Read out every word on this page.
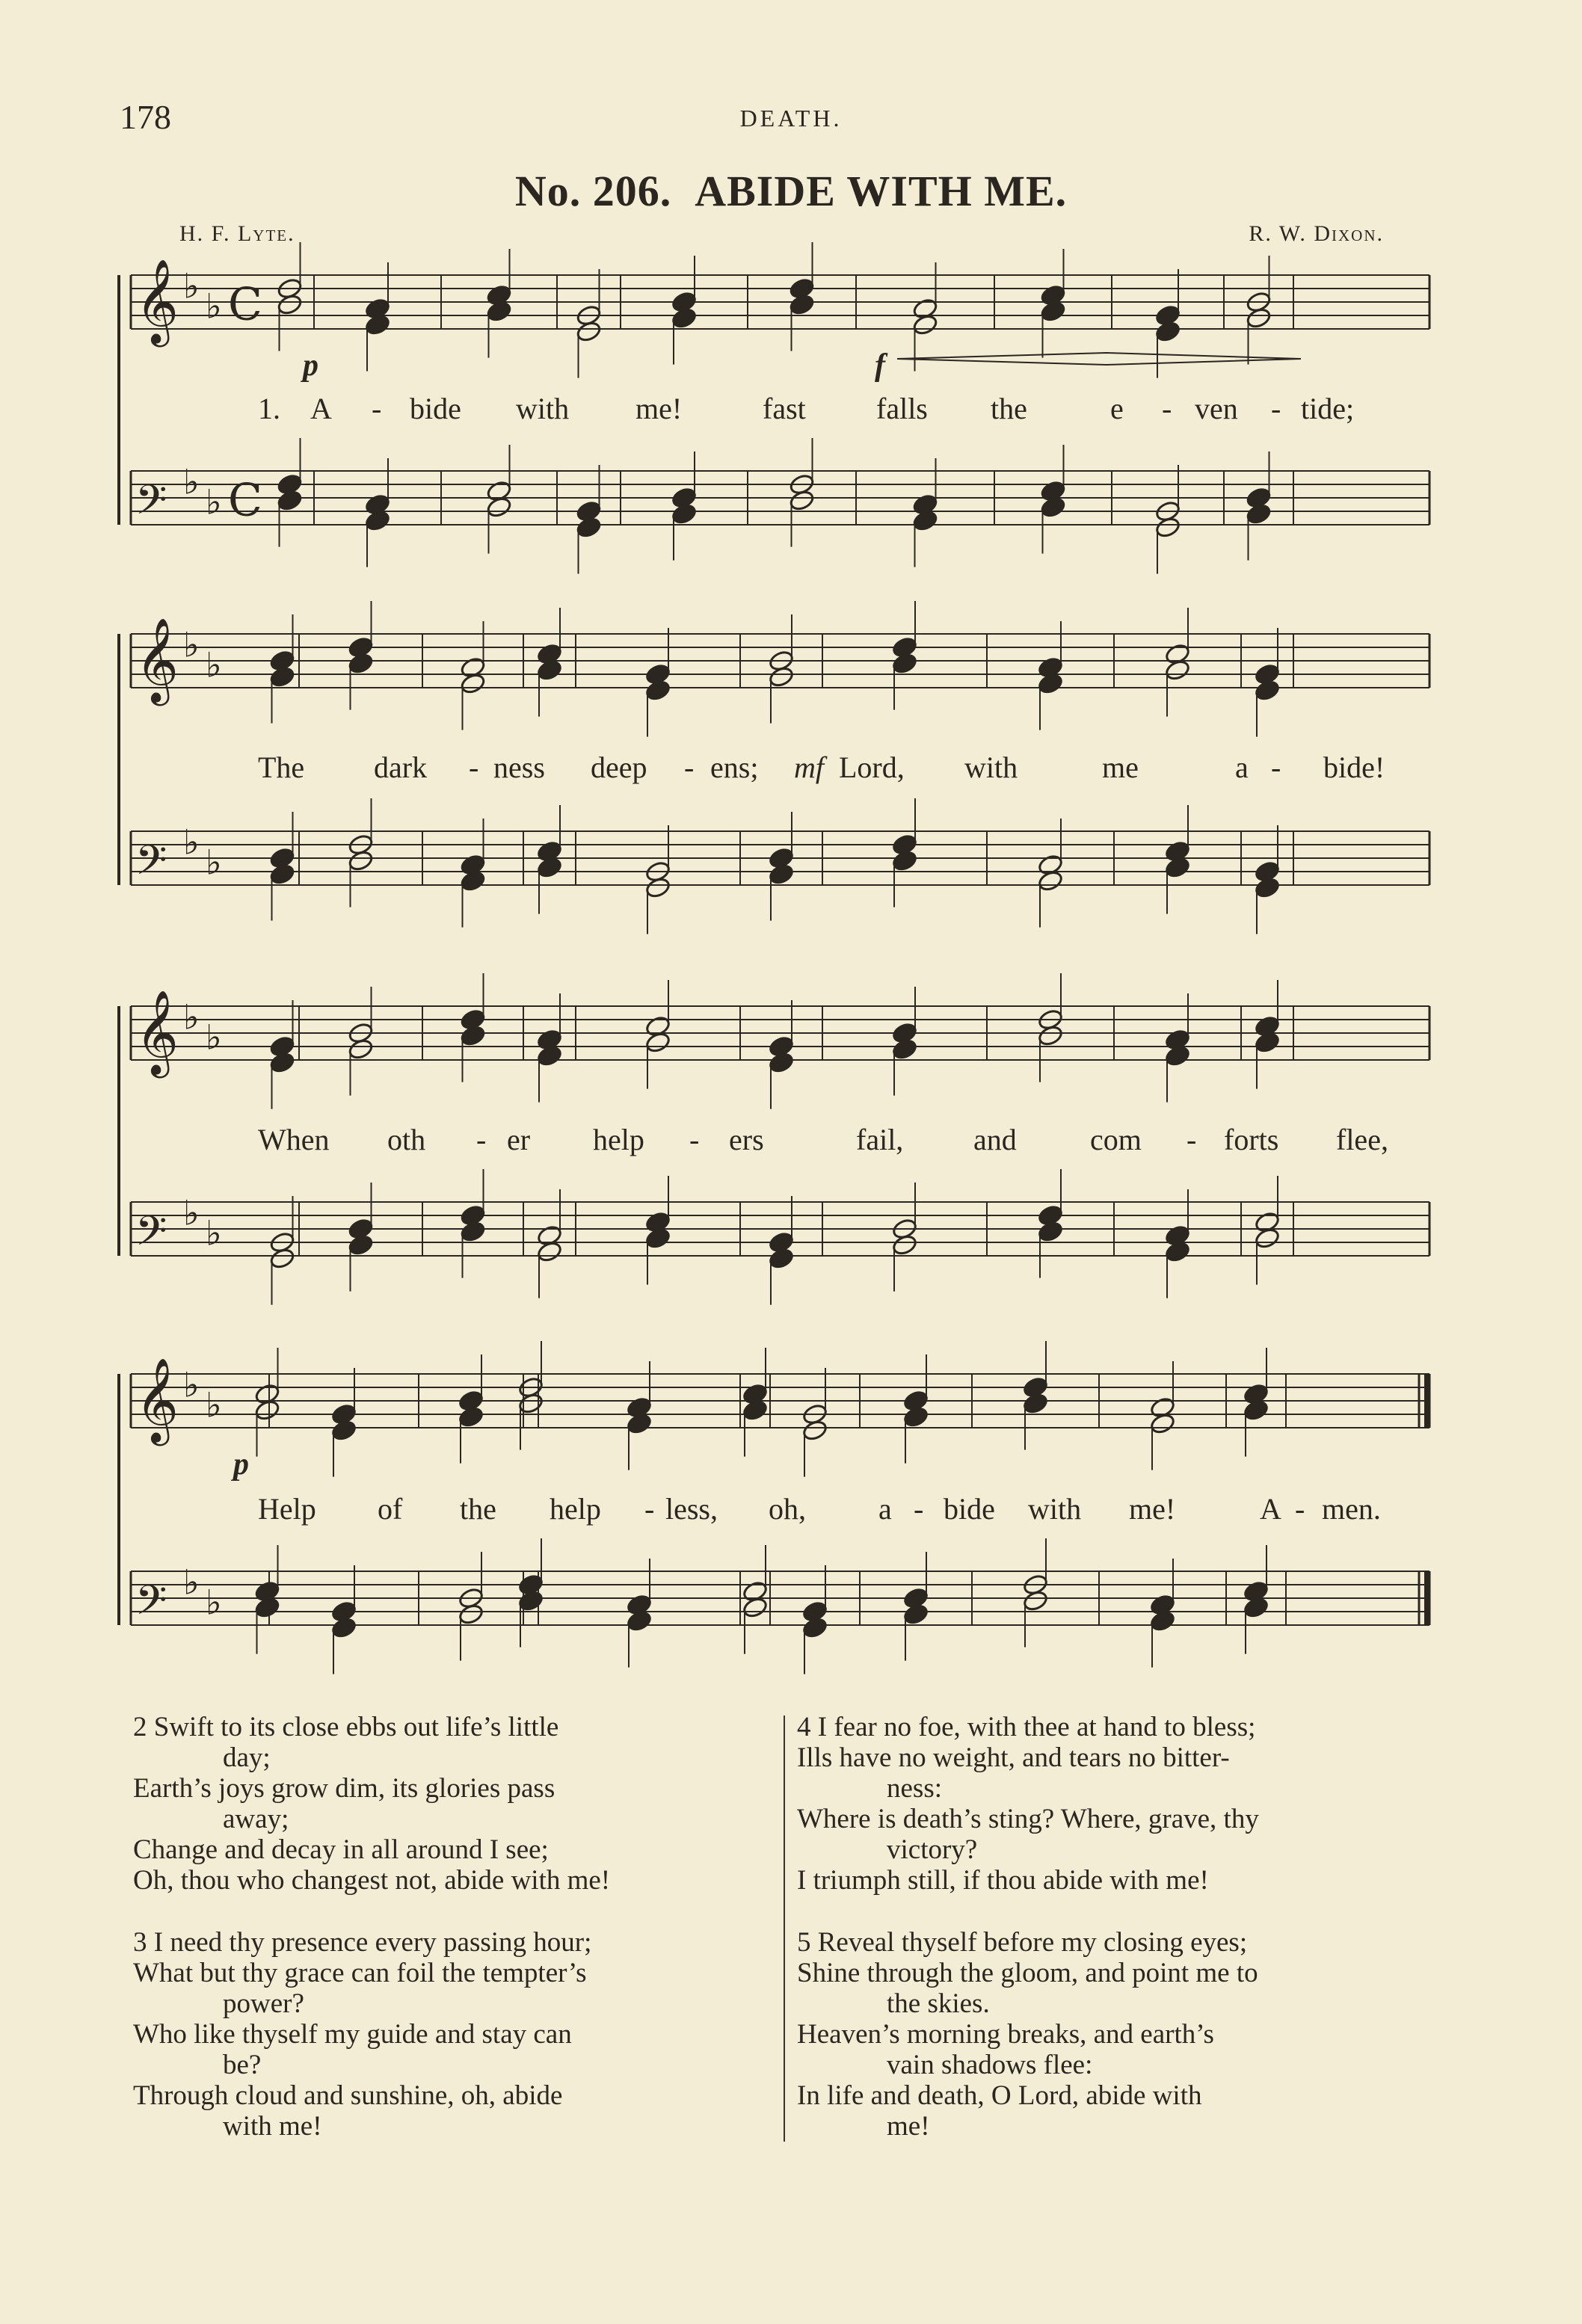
178	DEATH.
No. 206. ABIDE WITH ME.
H. F. Lyte.	R. W. Dixon.
𝄞 ♭ ♭ C
𝄢 ♭ ♭ C
1. A - bide with me!	fast falls the	e - ven - tide;
p	f
𝄞 ♭ ♭
𝄢 ♭ ♭
The dark - ness deep - ens; mf Lord, with	me	a - bide!
𝄞 ♭ ♭
𝄢 ♭ ♭
When oth - er help - ers	fail, and com - forts flee,
𝄞 ♭ ♭
𝄢 ♭ ♭
Help of the help - less, oh, a - bide with me!	A - men.
p
2 Swift to its close ebbs out life’s little
day;
Earth’s joys grow dim, its glories pass
away;
Change and decay in all around I see;
Oh, thou who changest not, abide with me!
3 I need thy presence every passing hour;
What but thy grace can foil the tempter’s
power?
Who like thyself my guide and stay can
be?
Through cloud and sunshine, oh, abide
with me!
4 I fear no foe, with thee at hand to bless;
Ills have no weight, and tears no bitter-
ness:
Where is death’s sting? Where, grave, thy
victory?
I triumph still, if thou abide with me!
5 Reveal thyself before my closing eyes;
Shine through the gloom, and point me to
the skies.
Heaven’s morning breaks, and earth’s
vain shadows flee:
In life and death, O Lord, abide with
me!
